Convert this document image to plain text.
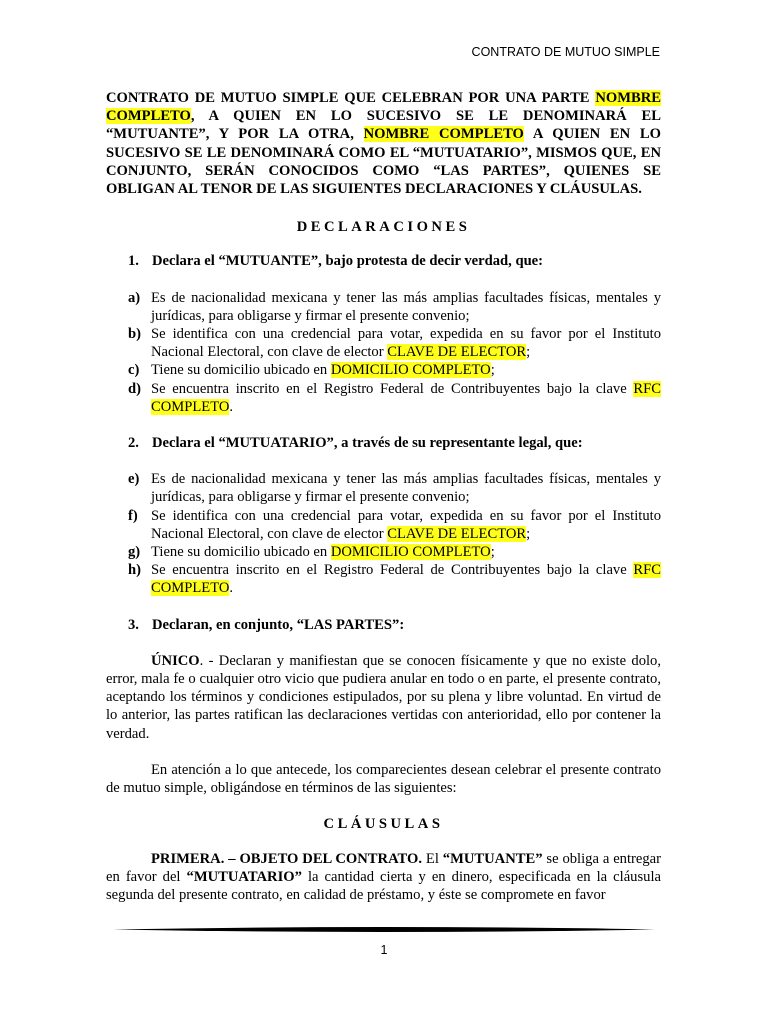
CONTRATO DE MUTUO SIMPLE

CONTRATO DE MUTUO SIMPLE QUE CELEBRAN POR UNA PARTE NOMBRE COMPLETO, A QUIEN EN LO SUCESIVO SE LE DENOMINARÁ EL “MUTUANTE”, Y POR LA OTRA, NOMBRE COMPLETO A QUIEN EN LO SUCESIVO SE LE DENOMINARÁ COMO EL “MUTUATARIO”, MISMOS QUE, EN CONJUNTO, SERÁN CONOCIDOS COMO “LAS PARTES”, QUIENES SE OBLIGAN AL TENOR DE LAS SIGUIENTES DECLARACIONES Y CLÁUSULAS.

DECLARACIONES
1. Declara el “MUTUANTE”, bajo protesta de decir verdad, que:
a) Es de nacionalidad mexicana y tener las más amplias facultades físicas, mentales y jurídicas, para obligarse y firmar el presente convenio;
b) Se identifica con una credencial para votar, expedida en su favor por el Instituto Nacional Electoral, con clave de elector CLAVE DE ELECTOR;
c) Tiene su domicilio ubicado en DOMICILIO COMPLETO;
d) Se encuentra inscrito en el Registro Federal de Contribuyentes bajo la clave RFC COMPLETO.
2. Declara el “MUTUATARIO”, a través de su representante legal, que:
e) Es de nacionalidad mexicana y tener las más amplias facultades físicas, mentales y jurídicas, para obligarse y firmar el presente convenio;
f) Se identifica con una credencial para votar, expedida en su favor por el Instituto Nacional Electoral, con clave de elector CLAVE DE ELECTOR;
g) Tiene su domicilio ubicado en DOMICILIO COMPLETO;
h) Se encuentra inscrito en el Registro Federal de Contribuyentes bajo la clave RFC COMPLETO.
3. Declaran, en conjunto, “LAS PARTES”:

ÚNICO. - Declaran y manifiestan que se conocen físicamente y que no existe dolo, error, mala fe o cualquier otro vicio que pudiera anular en todo o en parte, el presente contrato, aceptando los términos y condiciones estipulados, por su plena y libre voluntad. En virtud de lo anterior, las partes ratifican las declaraciones vertidas con anterioridad, ello por contener la verdad.

En atención a lo que antecede, los comparecientes desean celebrar el presente contrato de mutuo simple, obligándose en términos de las siguientes:

CLÁUSULAS

PRIMERA. – OBJETO DEL CONTRATO. El “MUTUANTE” se obliga a entregar en favor del “MUTUATARIO” la cantidad cierta y en dinero, especificada en la cláusula segunda del presente contrato, en calidad de préstamo, y éste se compromete en favor

1
